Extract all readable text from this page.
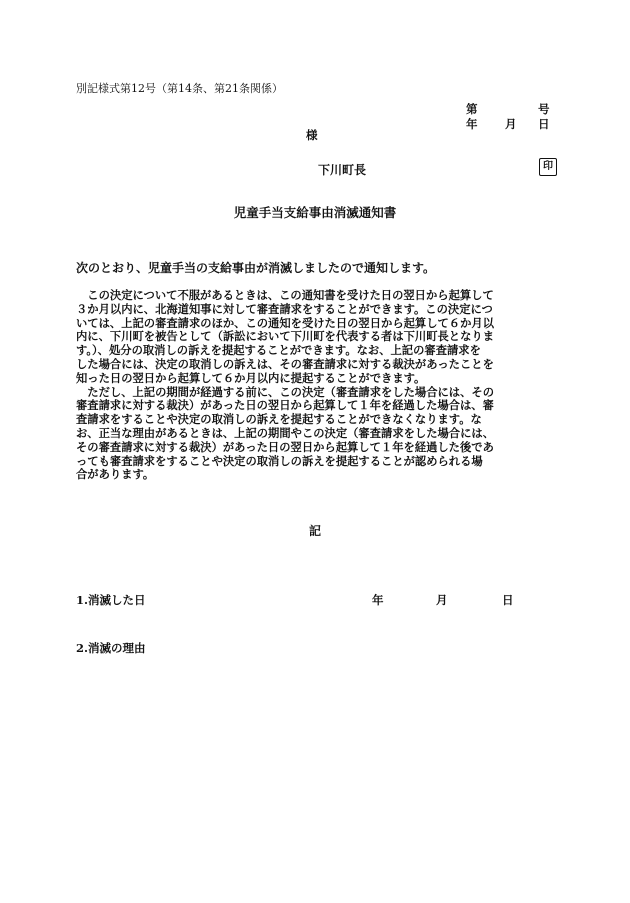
別記様式第12号（第14条、第21条関係）
第	号
年 月 日
様
下川町長	印
児童手当支給事由消滅通知書
次のとおり、児童手当の支給事由が消滅しましたので通知します。
　この決定について不服があるときは、この通知書を受けた日の翌日から起算して
３か月以内に、北海道知事に対して審査請求をすることができます。この決定につ
いては、上記の審査請求のほか、この通知を受けた日の翌日から起算して６か月以
内に、下川町を被告として（訴訟において下川町を代表する者は下川町長となりま
す。）、処分の取消しの訴えを提起することができます。なお、上記の審査請求を
した場合には、決定の取消しの訴えは、その審査請求に対する裁決があったことを
知った日の翌日から起算して６か月以内に提起することができます。
　ただし、上記の期間が経過する前に、この決定（審査請求をした場合には、その
審査請求に対する裁決）があった日の翌日から起算して１年を経過した場合は、審
査請求をすることや決定の取消しの訴えを提起することができなくなります。な
お、正当な理由があるときは、上記の期間やこの決定（審査請求をした場合には、
その審査請求に対する裁決）があった日の翌日から起算して１年を経過した後であ
っても審査請求をすることや決定の取消しの訴えを提起することが認められる場
合があります。
記
1.消滅した日	年	月	日
2.消滅の理由
